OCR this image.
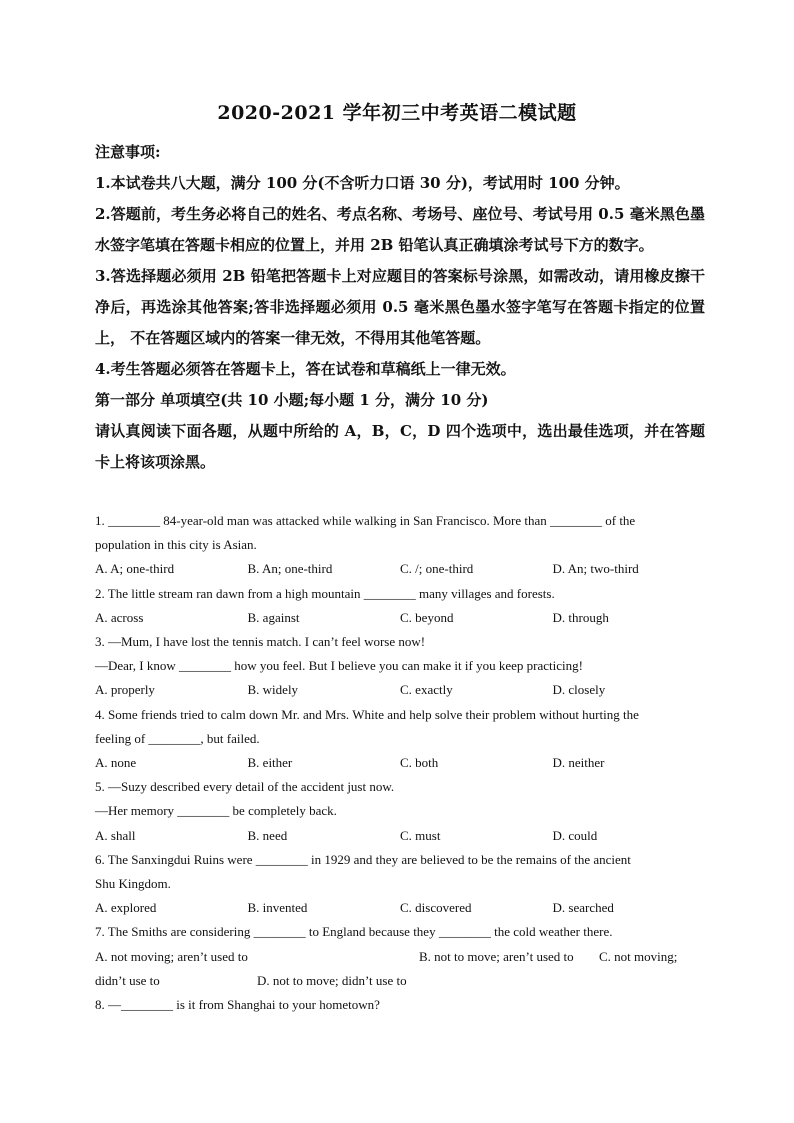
2020-2021 学年初三中考英语二模试题

注意事项:

1.本试卷共八大题，满分 100 分(不含听力口语 30 分)，考试用时 100 分钟。

2.答题前，考生务必将自己的姓名、考点名称、考场号、座位号、考试号用 0.5 毫米黑色墨水签字笔填在答题卡相应的位置上，并用 2B 铅笔认真正确填涂考试号下方的数字。

3.答选择题必须用 2B 铅笔把答题卡上对应题目的答案标号涂黑，如需改动，请用橡皮擦干净后，再选涂其他答案;答非选择题必须用 0.5 毫米黑色墨水签字笔写在答题卡指定的位置上， 不在答题区域内的答案一律无效，不得用其他笔答题。

4.考生答题必须答在答题卡上，答在试卷和草稿纸上一律无效。

第一部分 单项填空(共 10 小题;每小题 1 分，满分 10 分)

请认真阅读下面各题，从题中所给的 A，B，C，D 四个选项中，选出最佳选项，并在答题卡上将该项涂黑。

1. ________ 84-year-old man was attacked while walking in San Francisco. More than ________ of the

population in this city is Asian.

A. A; one-third	B. An; one-third	C. /; one-third	D. An; two-third

2. The little stream ran dawn from a high mountain ________ many villages and forests.

A. across	B. against	C. beyond	D. through

3. —Mum, I have lost the tennis match. I can’t feel worse now!

—Dear, I know ________ how you feel. But I believe you can make it if you keep practicing!

A. properly	B. widely	C. exactly	D. closely

4. Some friends tried to calm down Mr. and Mrs. White and help solve their problem without hurting the

feeling of ________, but failed.

A. none	B. either	C. both	D. neither

5. —Suzy described every detail of the accident just now.

—Her memory ________ be completely back.

A. shall	B. need	C. must	D. could

6. The Sanxingdui Ruins were ________ in 1929 and they are believed to be the remains of the ancient

Shu Kingdom.

A. explored	B. invented	C. discovered	D. searched

7. The Smiths are considering ________ to England because they ________ the cold weather there.

A. not moving; aren’t used to	B. not to move; aren’t used to	C. not moving;
didn’t use to	D. not to move; didn’t use to

8. —________ is it from Shanghai to your hometown?
